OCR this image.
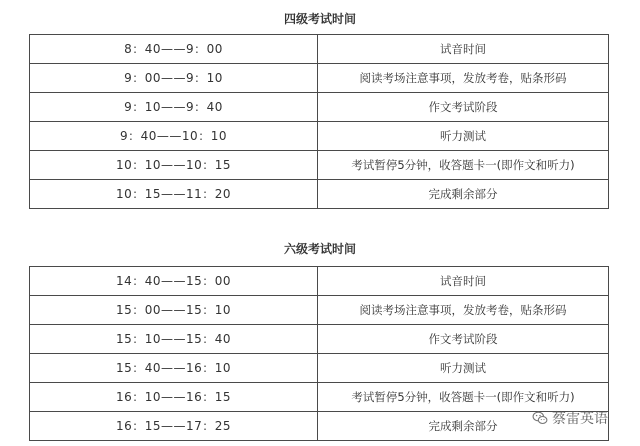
四级考试时间
8：40——9：00	试音时间
9：00——9：10	阅读考场注意事项，发放考卷，贴条形码
9：10——9：40	作文考试阶段
9：40——10：10	听力测试
10：10——10：15	考试暂停5分钟，收答题卡一(即作文和听力)
10：15——11：20	完成剩余部分
六级考试时间
14：40——15：00	试音时间
15：00——15：10	阅读考场注意事项，发放考卷，贴条形码
15：10——15：40	作文考试阶段
15：40——16：10	听力测试
16：10——16：15	考试暂停5分钟，收答题卡一(即作文和听力)
16：15——17：25	完成剩余部分	蔡雷英语
